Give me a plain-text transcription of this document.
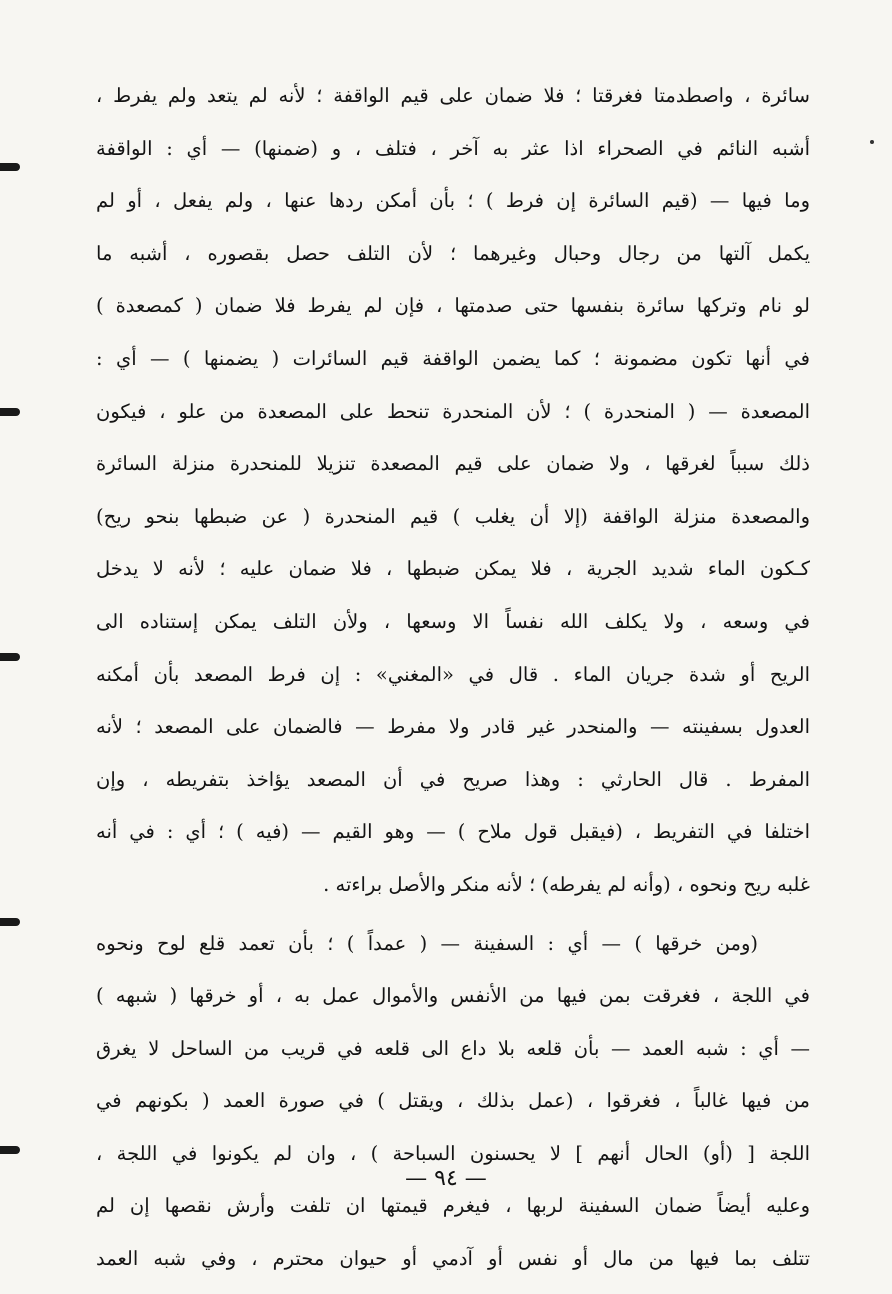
سائرة ، واصطدمتا فغرقتا ؛ فلا ضمان على قيم الواقفة ؛ لأنه لم يتعد ولم يفرط ،
أشبه النائم في الصحراء اذا عثر به آخر ، فتلف ، و (ضمنها) — أي : الواقفة
وما فيها — (قيم السائرة إن فرط ) ؛ بأن أمكن ردها عنها ، ولم يفعل ، أو لم
يكمل آلتها من رجال وحبال وغيرهما ؛ لأن التلف حصل بقصوره ، أشبه ما
لو نام وتركها سائرة بنفسها حتى صدمتها ، فإن لم يفرط فلا ضمان ( كمصعدة )
في أنها تكون مضمونة ؛ كما يضمن الواقفة قيم السائرات ( يضمنها ) — أي :
المصعدة — ( المنحدرة ) ؛ لأن المنحدرة تنحط على المصعدة من علو ، فيكون
ذلك سبباً لغرقها ، ولا ضمان على قيم المصعدة تنزيلا للمنحدرة منزلة السائرة
والمصعدة منزلة الواقفة (إلا أن يغلب ) قيم المنحدرة ( عن ضبطها بنحو ريح)
كـكون الماء شديد الجرية ، فلا يمكن ضبطها ، فلا ضمان عليه ؛ لأنه لا يدخل
في وسعه ، ولا يكلف الله نفساً الا وسعها ، ولأن التلف يمكن إستناده الى
الريح أو شدة جريان الماء . قال في «المغني» : إن فرط المصعد بأن أمكنه
العدول بسفينته — والمنحدر غير قادر ولا مفرط — فالضمان على المصعد ؛ لأنه
المفرط . قال الحارثي : وهذا صريح في أن المصعد يؤاخذ بتفريطه ، وإن
اختلفا في التفريط ، (فيقبل قول ملاح ) — وهو القيم — (فيه ) ؛ أي : في أنه
غلبه ريح ونحوه ، (وأنه لم يفرطه) ؛ لأنه منكر والأصل براءته .
(ومن خرقها ) — أي : السفينة — ( عمداً ) ؛ بأن تعمد قلع لوح ونحوه
في اللجة ، فغرقت بمن فيها من الأنفس والأموال عمل به ، أو خرقها ( شبهه )
— أي : شبه العمد — بأن قلعه بلا داع الى قلعه في قريب من الساحل لا يغرق
من فيها غالباً ، فغرقوا ، (عمل بذلك ، ويقتل ) في صورة العمد ( بكونهم في
اللجة [ (أو) الحال أنهم ] لا يحسنون السباحة ) ، وان لم يكونوا في اللجة ،
وعليه أيضاً ضمان السفينة لربها ، فيغرم قيمتها ان تلفت وأرش نقصها إن لم
تتلف بما فيها من مال أو نفس أو آدمي أو حيوان محترم ، وفي شبه العمد
— ٩٤ —
